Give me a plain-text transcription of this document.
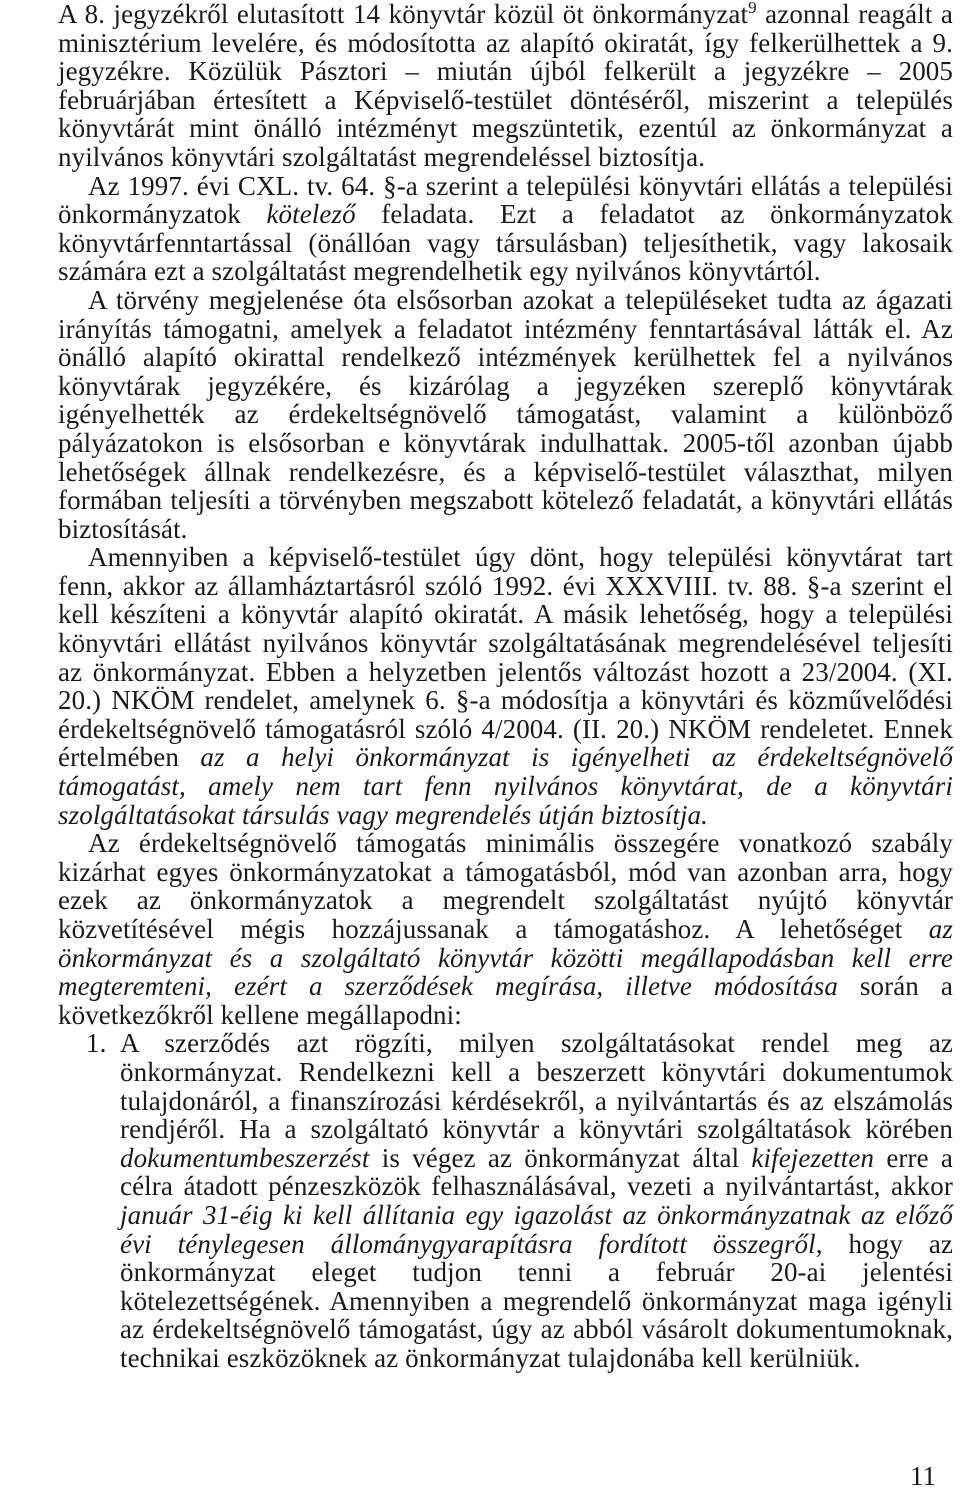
A 8. jegyzékről elutasított 14 könyvtár közül öt önkormányzat$^9$ azonnal reagált a minisztérium levelére, és módosította az alapító okiratát, így felkerülhettek a 9. jegyzékre. Közülük Pásztori – miután újból felkerült a jegyzékre – 2005 februárjában értesített a Képviselő-testület döntéséről, miszerint a település könyvtárát mint önálló intézményt megszüntetik, ezentúl az önkormányzat a nyilvános könyvtári szolgáltatást megrendeléssel biztosítja.

Az 1997. évi CXL. tv. 64. §-a szerint a települési könyvtári ellátás a települési önkormányzatok kötelező feladata. Ezt a feladatot az önkormányzatok könyvtárfenntartással (önállóan vagy társulásban) teljesíthetik, vagy lakosaik számára ezt a szolgáltatást megrendelhetik egy nyilvános könyvtártól.

A törvény megjelenése óta elsősorban azokat a településeket tudta az ágazati irányítás támogatni, amelyek a feladatot intézmény fenntartásával látták el. Az önálló alapító okirattal rendelkező intézmények kerülhettek fel a nyilvános könyvtárak jegyzékére, és kizárólag a jegyzéken szereplő könyvtárak igényelhették az érdekeltségnövelő támogatást, valamint a különböző pályázatokon is elsősorban e könyvtárak indulhattak. 2005-től azonban újabb lehetőségek állnak rendelkezésre, és a képviselő-testület választhat, milyen formában teljesíti a törvényben megszabott kötelező feladatát, a könyvtári ellátás biztosítását.

Amennyiben a képviselő-testület úgy dönt, hogy települési könyvtárat tart fenn, akkor az államháztartásról szóló 1992. évi XXXVIII. tv. 88. §-a szerint el kell készíteni a könyvtár alapító okiratát. A másik lehetőség, hogy a települési könyvtári ellátást nyilvános könyvtár szolgáltatásának megrendelésével teljesíti az önkormányzat. Ebben a helyzetben jelentős változást hozott a 23/2004. (XI. 20.) NKÖM rendelet, amelynek 6. §-a módosítja a könyvtári és közművelődési érdekeltségnövelő támogatásról szóló 4/2004. (II. 20.) NKÖM rendeletet. Ennek értelmében az a helyi önkormányzat is igényelheti az érdekeltségnövelő támogatást, amely nem tart fenn nyilvános könyvtárat, de a könyvtári szolgáltatásokat társulás vagy megrendelés útján biztosítja.

Az érdekeltségnövelő támogatás minimális összegére vonatkozó szabály kizárhat egyes önkormányzatokat a támogatásból, mód van azonban arra, hogy ezek az önkormányzatok a megrendelt szolgáltatást nyújtó könyvtár közvetítésével mégis hozzájussanak a támogatáshoz. A lehetőséget az önkormányzat és a szolgáltató könyvtár közötti megállapodásban kell erre megteremteni, ezért a szerződések megírása, illetve módosítása során a következőkről kellene megállapodni:

1. A szerződés azt rögzíti, milyen szolgáltatásokat rendel meg az önkormányzat. Rendelkezni kell a beszerzett könyvtári dokumentumok tulajdonáról, a finanszírozási kérdésekről, a nyilvántartás és az elszámolás rendjéről. Ha a szolgáltató könyvtár a könyvtári szolgáltatások körében dokumentumbeszerzést is végez az önkormányzat által kifejezetten erre a célra átadott pénzeszközök felhasználásával, vezeti a nyilvántartást, akkor január 31-éig ki kell állítania egy igazolást az önkormányzatnak az előző évi ténylegesen állománygyarapításra fordított összegről, hogy az önkormányzat eleget tudjon tenni a február 20-ai jelentési kötelezettségének. Amennyiben a megrendelő önkormányzat maga igényli az érdekeltségnövelő támogatást, úgy az abból vásárolt dokumentumoknak, technikai eszközöknek az önkormányzat tulajdonába kell kerülniük.
11
